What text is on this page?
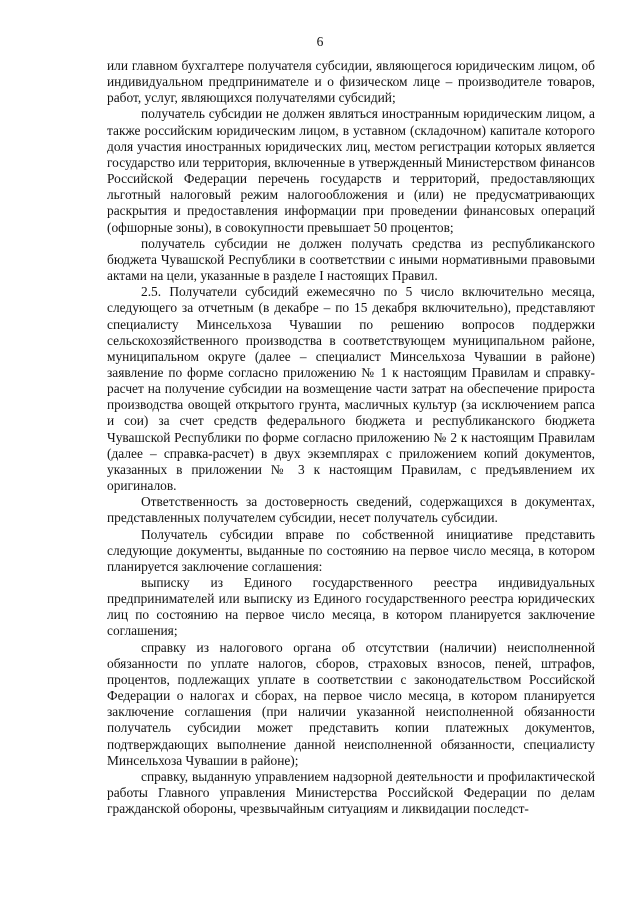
6

или главном бухгалтере получателя субсидии, являющегося юридическим лицом, об индивидуальном предпринимателе и о физическом лице – производителе товаров, работ, услуг, являющихся получателями субсидий;

получатель субсидии не должен являться иностранным юридическим лицом, а также российским юридическим лицом, в уставном (складочном) капитале которого доля участия иностранных юридических лиц, местом регистрации которых является государство или территория, включенные в утвержденный Министерством финансов Российской Федерации перечень государств и территорий, предоставляющих льготный налоговый режим налогообложения и (или) не предусматривающих раскрытия и предоставления информации при проведении финансовых операций (офшорные зоны), в совокупности превышает 50 процентов;

получатель субсидии не должен получать средства из республиканского бюджета Чувашской Республики в соответствии с иными нормативными правовыми актами на цели, указанные в разделе I настоящих Правил.

2.5. Получатели субсидий ежемесячно по 5 число включительно месяца, следующего за отчетным (в декабре – по 15 декабря включительно), представляют специалисту Минсельхоза Чувашии по решению вопросов поддержки сельскохозяйственного производства в соответствующем муниципальном районе, муниципальном округе (далее – специалист Минсельхоза Чувашии в районе) заявление по форме согласно приложению № 1 к настоящим Правилам и справку-расчет на получение субсидии на возмещение части затрат на обеспечение прироста производства овощей открытого грунта, масличных культур (за исключением рапса и сои) за счет средств федерального бюджета и республиканского бюджета Чувашской Республики по форме согласно приложению № 2 к настоящим Правилам (далее – справка-расчет) в двух экземплярах с приложением копий документов, указанных в приложении № 3 к настоящим Правилам, с предъявлением их оригиналов.

Ответственность за достоверность сведений, содержащихся в документах, представленных получателем субсидии, несет получатель субсидии.

Получатель субсидии вправе по собственной инициативе представить следующие документы, выданные по состоянию на первое число месяца, в котором планируется заключение соглашения:

выписку из Единого государственного реестра индивидуальных предпринимателей или выписку из Единого государственного реестра юридических лиц по состоянию на первое число месяца, в котором планируется заключение соглашения;

справку из налогового органа об отсутствии (наличии) неисполненной обязанности по уплате налогов, сборов, страховых взносов, пеней, штрафов, процентов, подлежащих уплате в соответствии с законодательством Российской Федерации о налогах и сборах, на первое число месяца, в котором планируется заключение соглашения (при наличии указанной неисполненной обязанности получатель субсидии может представить копии платежных документов, подтверждающих выполнение данной неисполненной обязанности, специалисту Минсельхоза Чувашии в районе);

справку, выданную управлением надзорной деятельности и профилактической работы Главного управления Министерства Российской Федерации по делам гражданской обороны, чрезвычайным ситуациям и ликвидации последст-
